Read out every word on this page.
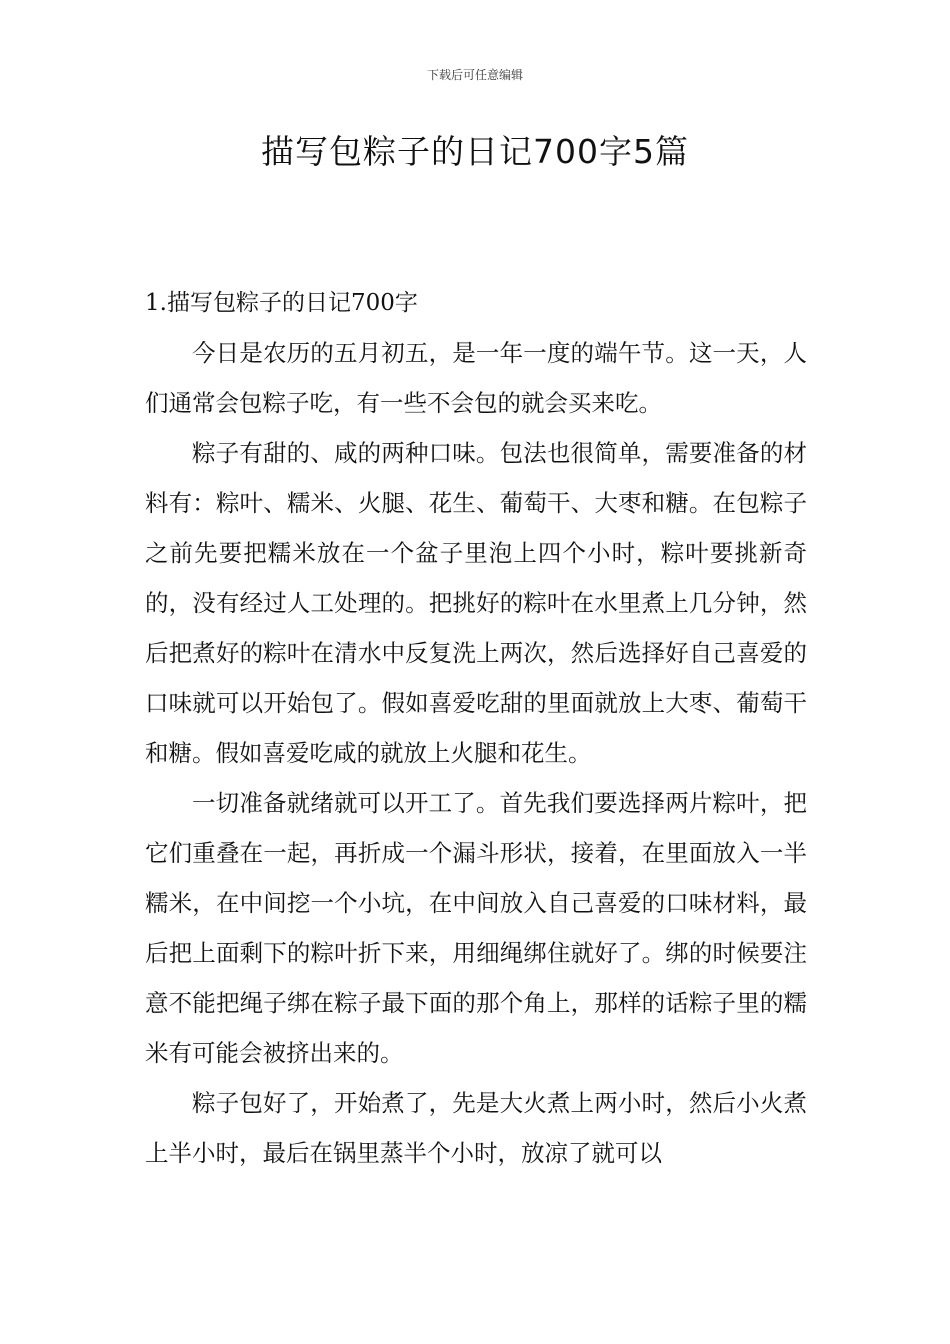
下载后可任意编辑
描写包粽子的日记700字5篇
1.描写包粽子的日记700字

今日是农历的五月初五，是一年一度的端午节。这一天，人们通常会包粽子吃，有一些不会包的就会买来吃。

粽子有甜的、咸的两种口味。包法也很简单，需要准备的材料有：粽叶、糯米、火腿、花生、葡萄干、大枣和糖。在包粽子之前先要把糯米放在一个盆子里泡上四个小时，粽叶要挑新奇的，没有经过人工处理的。把挑好的粽叶在水里煮上几分钟，然后把煮好的粽叶在清水中反复洗上两次，然后选择好自己喜爱的口味就可以开始包了。假如喜爱吃甜的里面就放上大枣、葡萄干和糖。假如喜爱吃咸的就放上火腿和花生。

一切准备就绪就可以开工了。首先我们要选择两片粽叶，把它们重叠在一起，再折成一个漏斗形状，接着，在里面放入一半糯米，在中间挖一个小坑，在中间放入自己喜爱的口味材料，最后把上面剩下的粽叶折下来，用细绳绑住就好了。绑的时候要注意不能把绳子绑在粽子最下面的那个角上，那样的话粽子里的糯米有可能会被挤出来的。

粽子包好了，开始煮了，先是大火煮上两小时，然后小火煮上半小时，最后在锅里蒸半个小时，放凉了就可以
